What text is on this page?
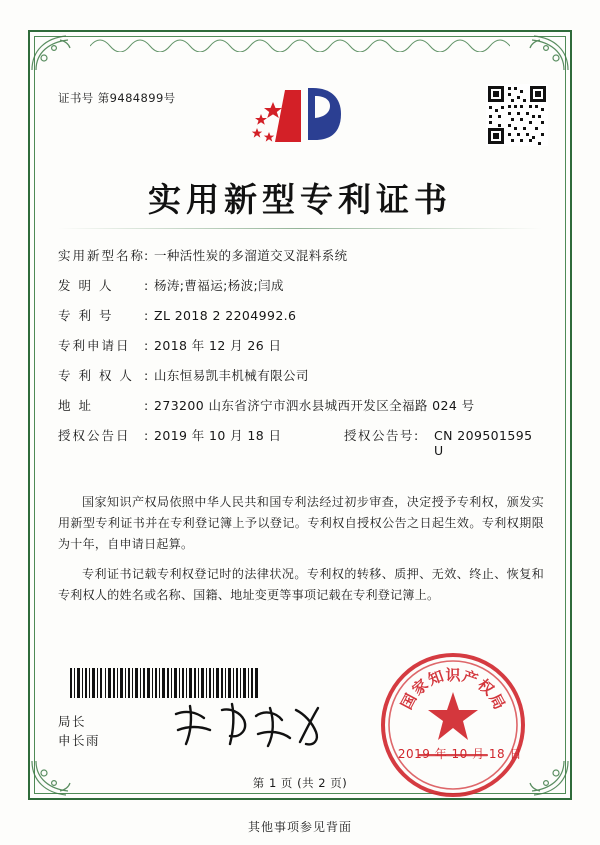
证书号 第9484899号
实用新型专利证书
实用新型名称
: 一种活性炭的多溜道交叉混料系统
发 明 人	: 杨涛;曹福运;杨波;闫成
专 利 号	: ZL 2018 2 2204992.6
专利申请日	: 2018 年 12 月 26 日
专 利 权 人 : 山东恒易凯丰机械有限公司
地 址	: 273200 山东省济宁市泗水县城西开发区全福路 024 号
授权公告日	: 2019 年 10 月 18 日	授权公告号 :	CN 209501595 U

国家知识产权局依照中华人民共和国专利法经过初步审查，决定授予专利权，颁发实用新型专利证书并在专利登记簿上予以登记。专利权自授权公告之日起生效。专利权期限为十年，自申请日起算。

专利证书记载专利权登记时的法律状况。专利权的转移、质押、无效、终止、恢复和专利权人的姓名或名称、国籍、地址变更等事项记载在专利登记簿上。

局长
申长雨
国
家
知 识 产
权
局
2019 年 10 月 18 日
第 1 页 (共 2 页)
其他事项参见背面
